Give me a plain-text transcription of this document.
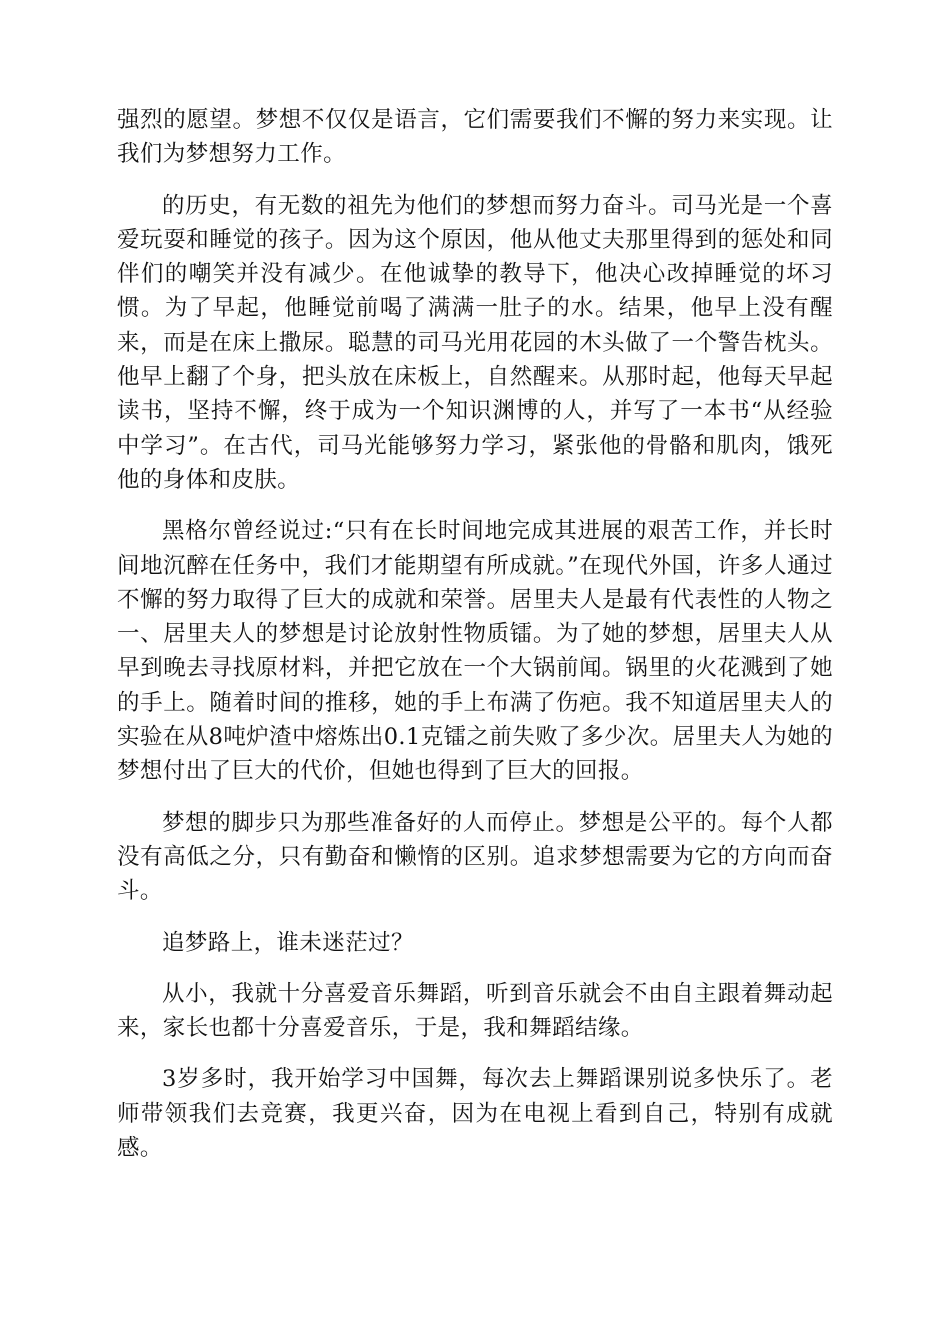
强烈的愿望。梦想不仅仅是语言，它们需要我们不懈的努力来实现。让我们为梦想努力工作。

的历史，有无数的祖先为他们的梦想而努力奋斗。司马光是一个喜爱玩耍和睡觉的孩子。因为这个原因，他从他丈夫那里得到的惩处和同伴们的嘲笑并没有减少。在他诚挚的教导下，他决心改掉睡觉的坏习惯。为了早起，他睡觉前喝了满满一肚子的水。结果，他早上没有醒来，而是在床上撒尿。聪慧的司马光用花园的木头做了一个警告枕头。他早上翻了个身，把头放在床板上，自然醒来。从那时起，他每天早起读书，坚持不懈，终于成为一个知识渊博的人，并写了一本书“从经验中学习”。在古代，司马光能够努力学习，紧张他的骨骼和肌肉，饿死他的身体和皮肤。

黑格尔曾经说过:“只有在长时间地完成其进展的艰苦工作，并长时间地沉醉在任务中，我们才能期望有所成就。”在现代外国，许多人通过不懈的努力取得了巨大的成就和荣誉。居里夫人是最有代表性的人物之一、居里夫人的梦想是讨论放射性物质镭。为了她的梦想，居里夫人从早到晚去寻找原材料，并把它放在一个大锅前闻。锅里的火花溅到了她的手上。随着时间的推移，她的手上布满了伤疤。我不知道居里夫人的实验在从8吨炉渣中熔炼出0.1克镭之前失败了多少次。居里夫人为她的梦想付出了巨大的代价，但她也得到了巨大的回报。

梦想的脚步只为那些准备好的人而停止。梦想是公平的。每个人都没有高低之分，只有勤奋和懒惰的区别。追求梦想需要为它的方向而奋斗。

追梦路上，谁未迷茫过？

从小，我就十分喜爱音乐舞蹈，听到音乐就会不由自主跟着舞动起来，家长也都十分喜爱音乐，于是，我和舞蹈结缘。

3岁多时，我开始学习中国舞，每次去上舞蹈课别说多快乐了。老师带领我们去竞赛，我更兴奋，因为在电视上看到自己，特别有成就感。
